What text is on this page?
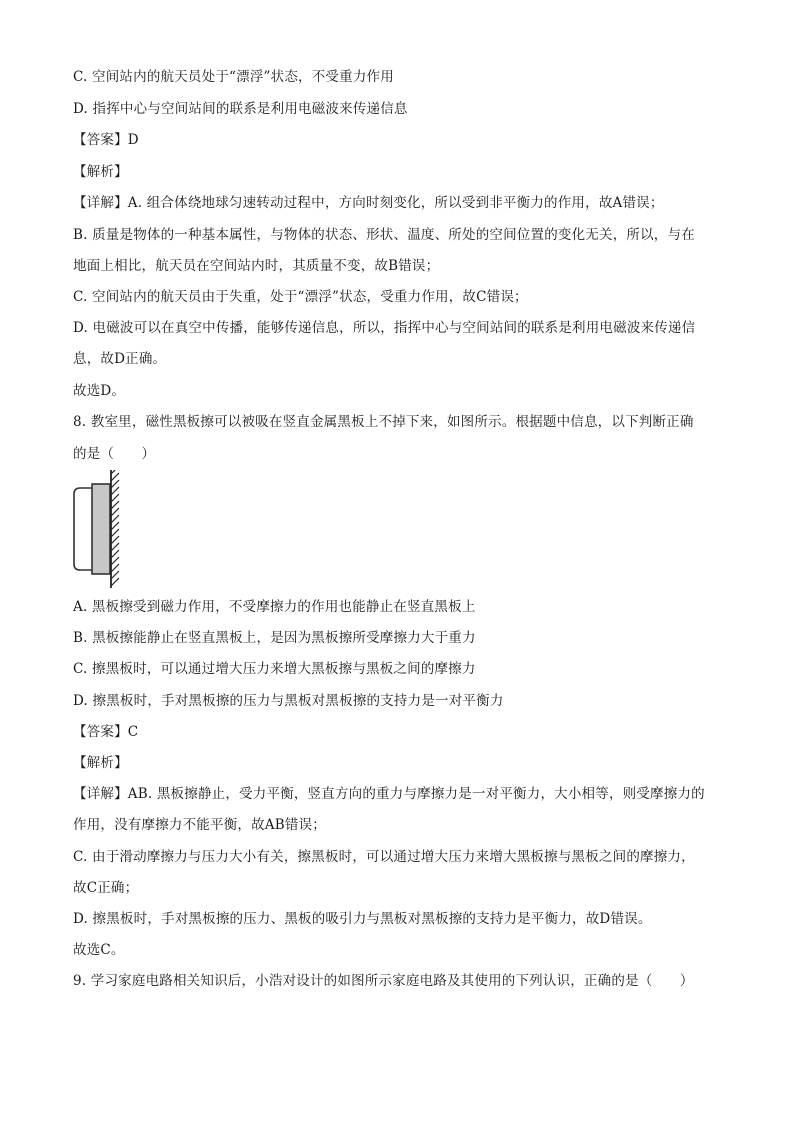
C. 空间站内的航天员处于“漂浮”状态，不受重力作用
D. 指挥中心与空间站间的联系是利用电磁波来传递信息
【答案】D
【解析】
【详解】A. 组合体绕地球匀速转动过程中，方向时刻变化，所以受到非平衡力的作用，故A错误；
B. 质量是物体的一种基本属性，与物体的状态、形状、温度、所处的空间位置的变化无关，所以，与在
地面上相比，航天员在空间站内时，其质量不变，故B错误；
C. 空间站内的航天员由于失重，处于“漂浮”状态，受重力作用，故C错误；
D. 电磁波可以在真空中传播，能够传递信息，所以，指挥中心与空间站间的联系是利用电磁波来传递信
息，故D正确。
故选D。
8. 教室里，磁性黑板擦可以被吸在竖直金属黑板上不掉下来，如图所示。根据题中信息，以下判断正确
的是（　　）
A. 黑板擦受到磁力作用，不受摩擦力的作用也能静止在竖直黑板上
B. 黑板擦能静止在竖直黑板上，是因为黑板擦所受摩擦力大于重力
C. 擦黑板时，可以通过增大压力来增大黑板擦与黑板之间的摩擦力
D. 擦黑板时，手对黑板擦的压力与黑板对黑板擦的支持力是一对平衡力
【答案】C
【解析】
【详解】AB. 黑板擦静止，受力平衡，竖直方向的重力与摩擦力是一对平衡力，大小相等，则受摩擦力的
作用，没有摩擦力不能平衡，故AB错误；
C. 由于滑动摩擦力与压力大小有关，擦黑板时，可以通过增大压力来增大黑板擦与黑板之间的摩擦力，
故C正确；
D. 擦黑板时，手对黑板擦的压力、黑板的吸引力与黑板对黑板擦的支持力是平衡力，故D错误。
故选C。
9. 学习家庭电路相关知识后，小浩对设计的如图所示家庭电路及其使用的下列认识，正确的是（　　）
